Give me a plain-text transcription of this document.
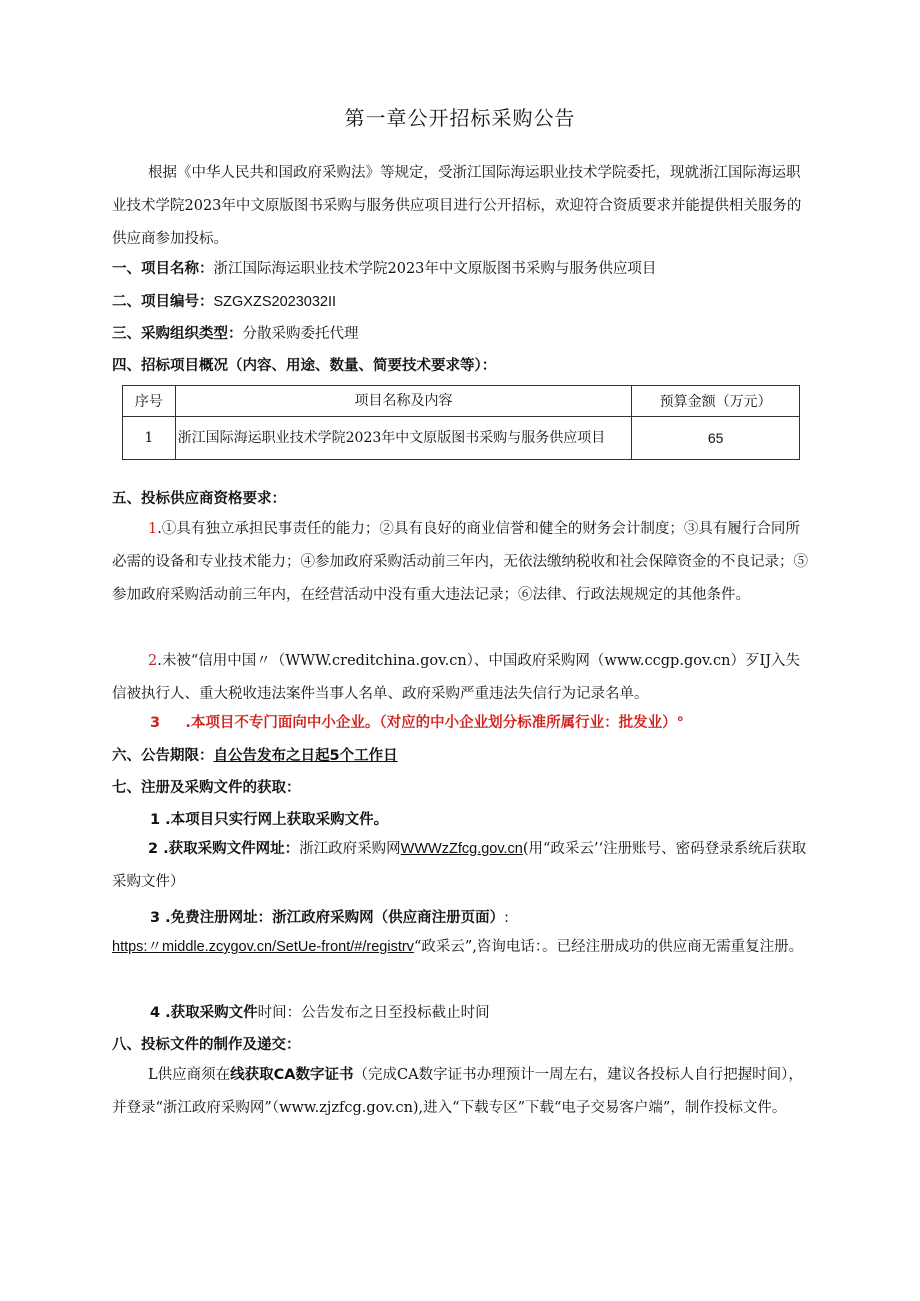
第一章公开招标采购公告

根据《中华人民共和国政府采购法》等规定，受浙江国际海运职业技术学院委托，现就浙江国际海运职业技术学院2023年中文原版图书采购与服务供应项目进行公开招标，欢迎符合资质要求并能提供相关服务的供应商参加投标。

一、项目名称：浙江国际海运职业技术学院2023年中文原版图书采购与服务供应项目
二、项目编号：SZGXZS2023032II
三、采购组织类型：分散采购委托代理
四、招标项目概况（内容、用途、数量、简要技术要求等）：
序号	项目名称及内容	预算金额（万元）
1	浙江国际海运职业技术学院2023年中文原版图书采购与服务供应项目	65
五、投标供应商资格要求：

1.①具有独立承担民事责任的能力；②具有良好的商业信誉和健全的财务会计制度；③具有履行合同所必需的设备和专业技术能力；④参加政府采购活动前三年内，无依法缴纳税收和社会保障资金的不良记录；⑤参加政府采购活动前三年内，在经营活动中没有重大违法记录；⑥法律、行政法规规定的其他条件。

2.未被“信用中国〃（WWW.creditchina.gov.cn）、中国政府采购网（www.ccgp.gov.cn）歹IJ入失信被执行人、重大税收违法案件当事人名单、政府采购严重违法失信行为记录名单。

3 .本项目不专门面向中小企业。（对应的中小企业划分标准所属行业：批发业）°
六、公告期限：自公告发布之日起5个工作日
七、注册及采购文件的获取：
1 .本项目只实行网上获取采购文件。

2 .获取采购文件网址：浙江政府采购网WWWzZfcg.gov.cn(用“政采云’‘注册账号、密码登录系统后获取采购文件）

3 .免费注册网址：浙江政府采购网（供应商注册页面）:

https:〃middle.zcygov.cn/SetUe-front/#/registrv“政采云”,咨询电话：。已经注册成功的供应商无需重复注册。

4 .获取采购文件时间：公告发布之日至投标截止时间
八、投标文件的制作及递交：

L供应商须在线获取CA数字证书（完成CA数字证书办理预计一周左右，建议各投标人自行把握时间），并登录“浙江政府采购网”（www.zjzfcg.gov.cn),进入“下载专区”下载“电子交易客户端”，制作投标文件。
